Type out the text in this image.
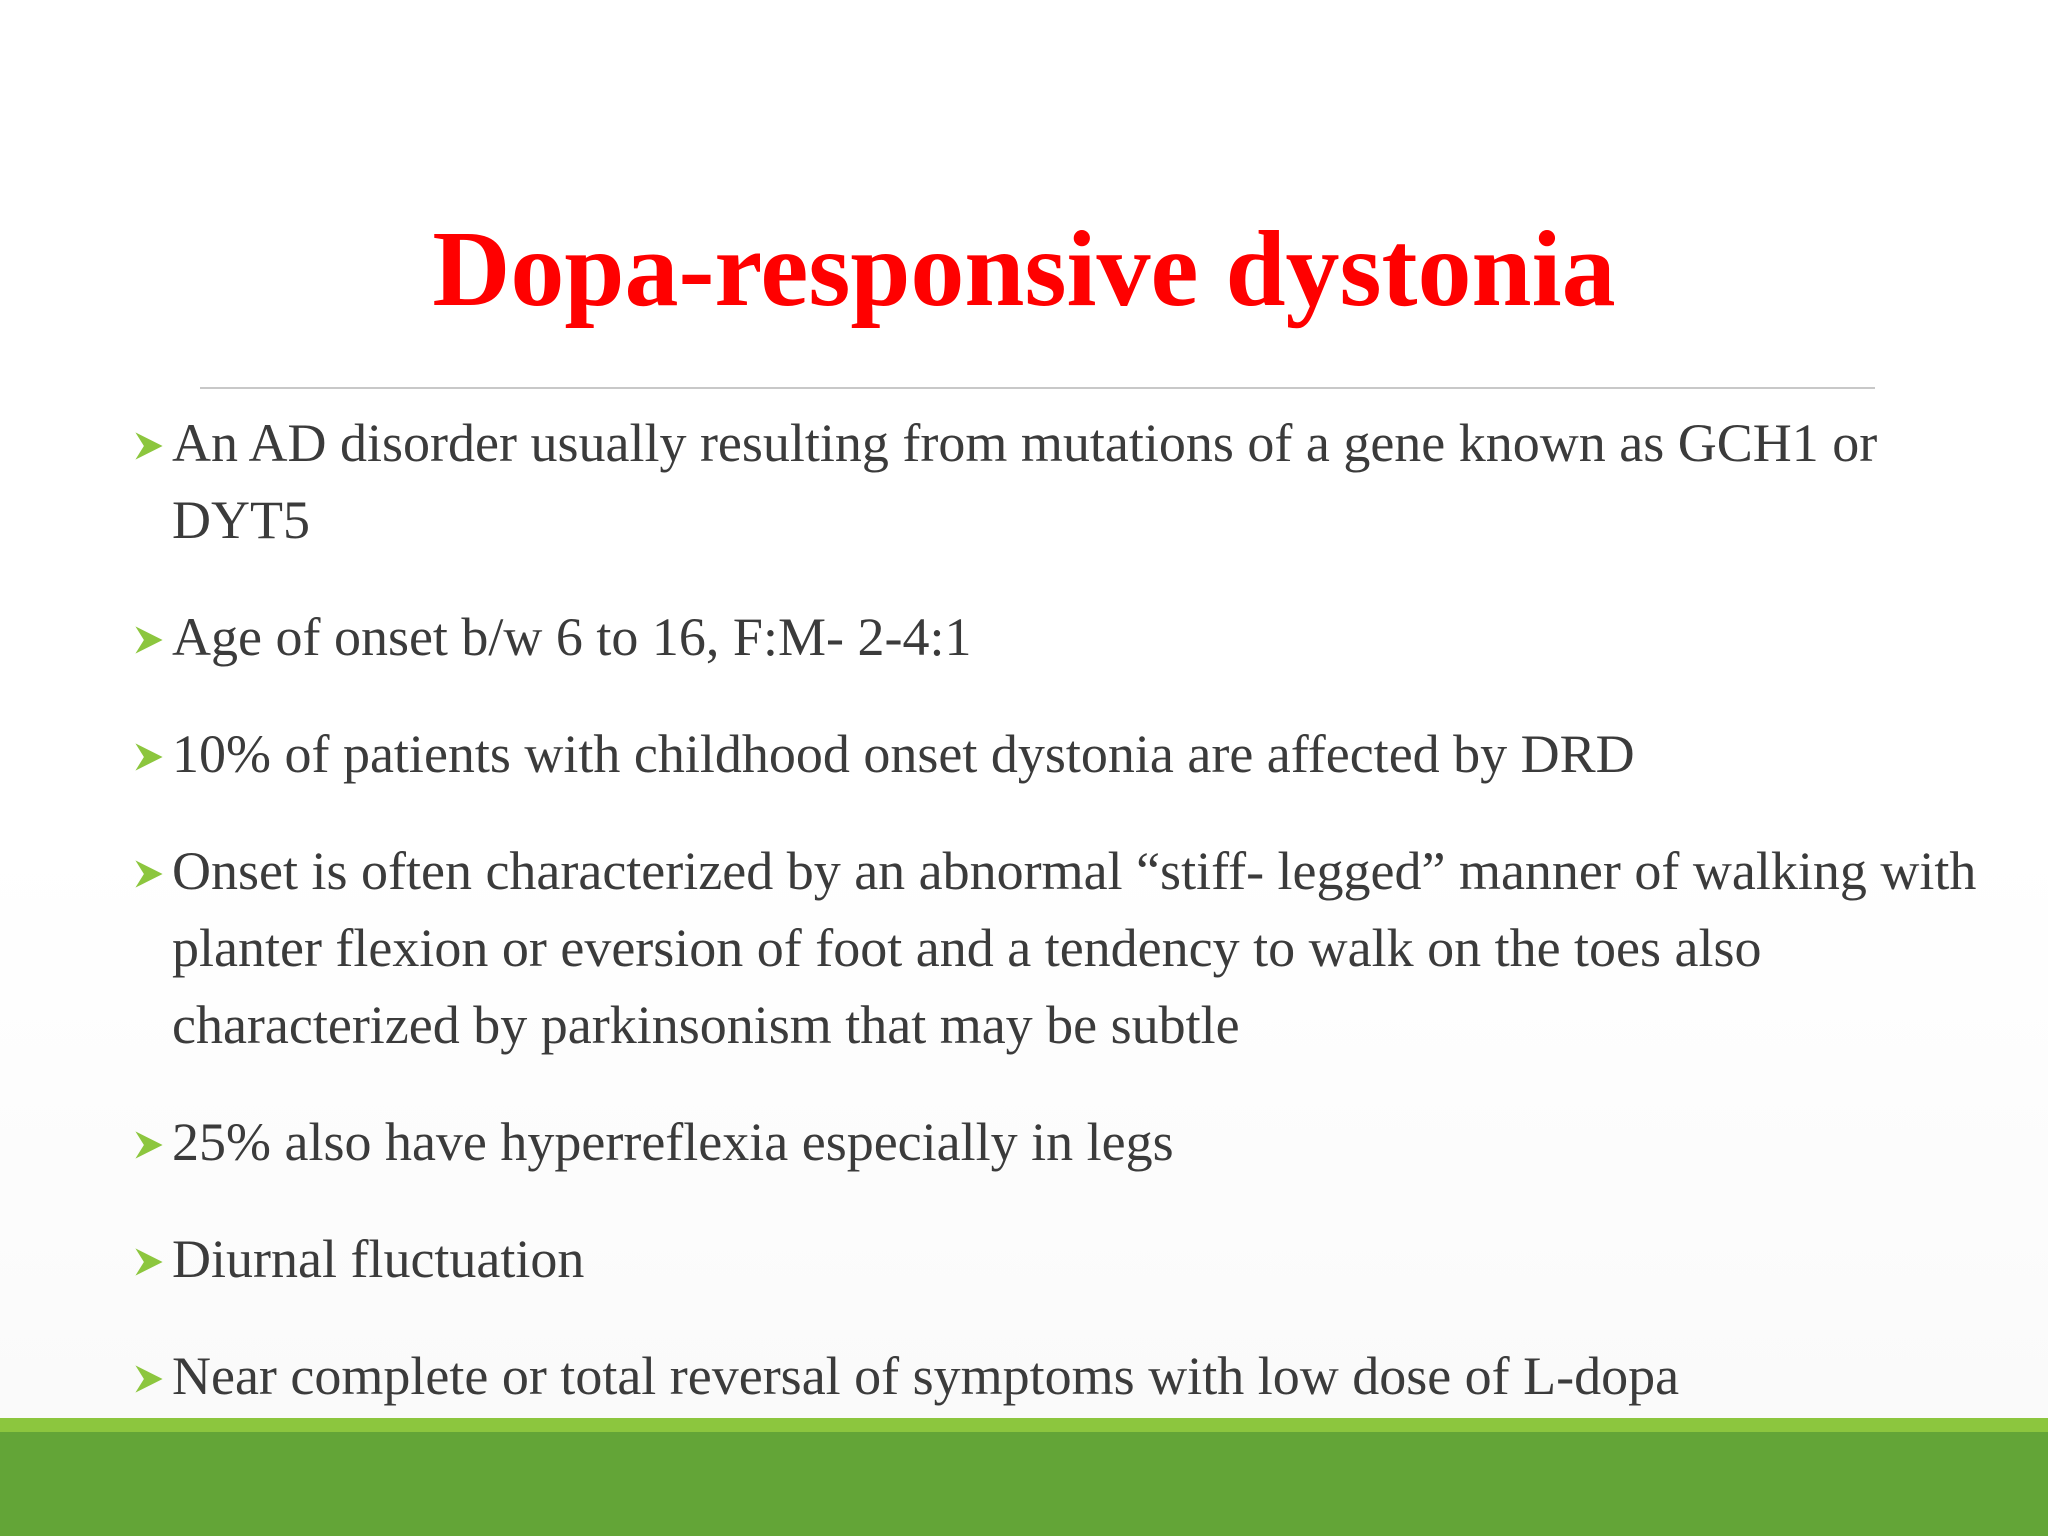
Dopa-responsive dystonia
An AD disorder usually resulting from mutations of a gene known as GCH1 or DYT5
Age of onset b/w 6 to 16, F:M- 2-4:1
10% of patients with childhood onset dystonia are affected by DRD
Onset is often characterized by an abnormal “stiff- legged” manner of walking with planter flexion or eversion of foot and a tendency to walk on the toes also characterized by parkinsonism that may be subtle
25% also have hyperreflexia especially in legs
Diurnal fluctuation
Near complete or total reversal of symptoms with low dose of L-dopa
